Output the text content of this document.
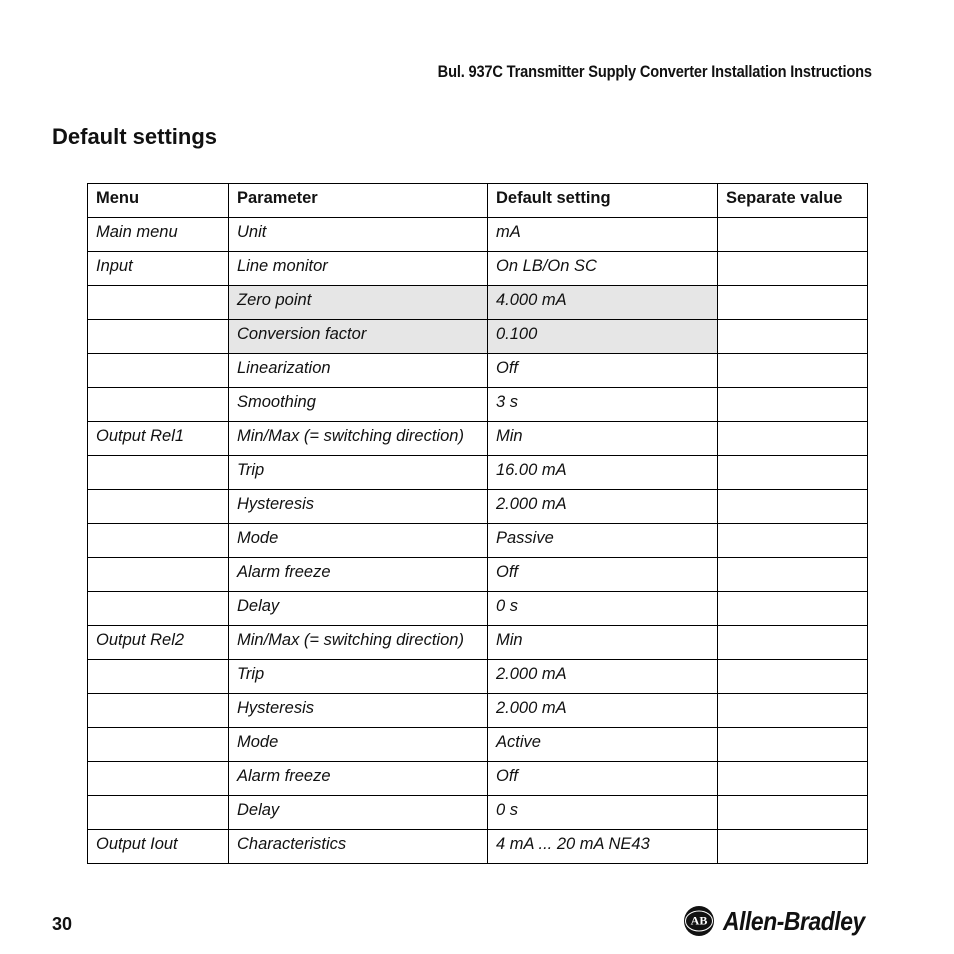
Bul. 937C Transmitter Supply Converter Installation Instructions
Default settings
Menu	Parameter	Default setting	Separate value
Main menu	Unit	mA	
Input	Line monitor	On LB/On SC	
	Zero point	4.000 mA	
	Conversion factor	0.100	
	Linearization	Off	
	Smoothing	3 s	
Output Rel1	Min/Max (= switching direction)	Min	
	Trip	16.00 mA	
	Hysteresis	2.000 mA	
	Mode	Passive	
	Alarm freeze	Off	
	Delay	0 s	
Output Rel2	Min/Max (= switching direction)	Min	
	Trip	2.000 mA	
	Hysteresis	2.000 mA	
	Mode	Active	
	Alarm freeze	Off	
	Delay	0 s	
Output Iout	Characteristics	4 mA ... 20 mA NE43	
30	AB Allen-Bradley
